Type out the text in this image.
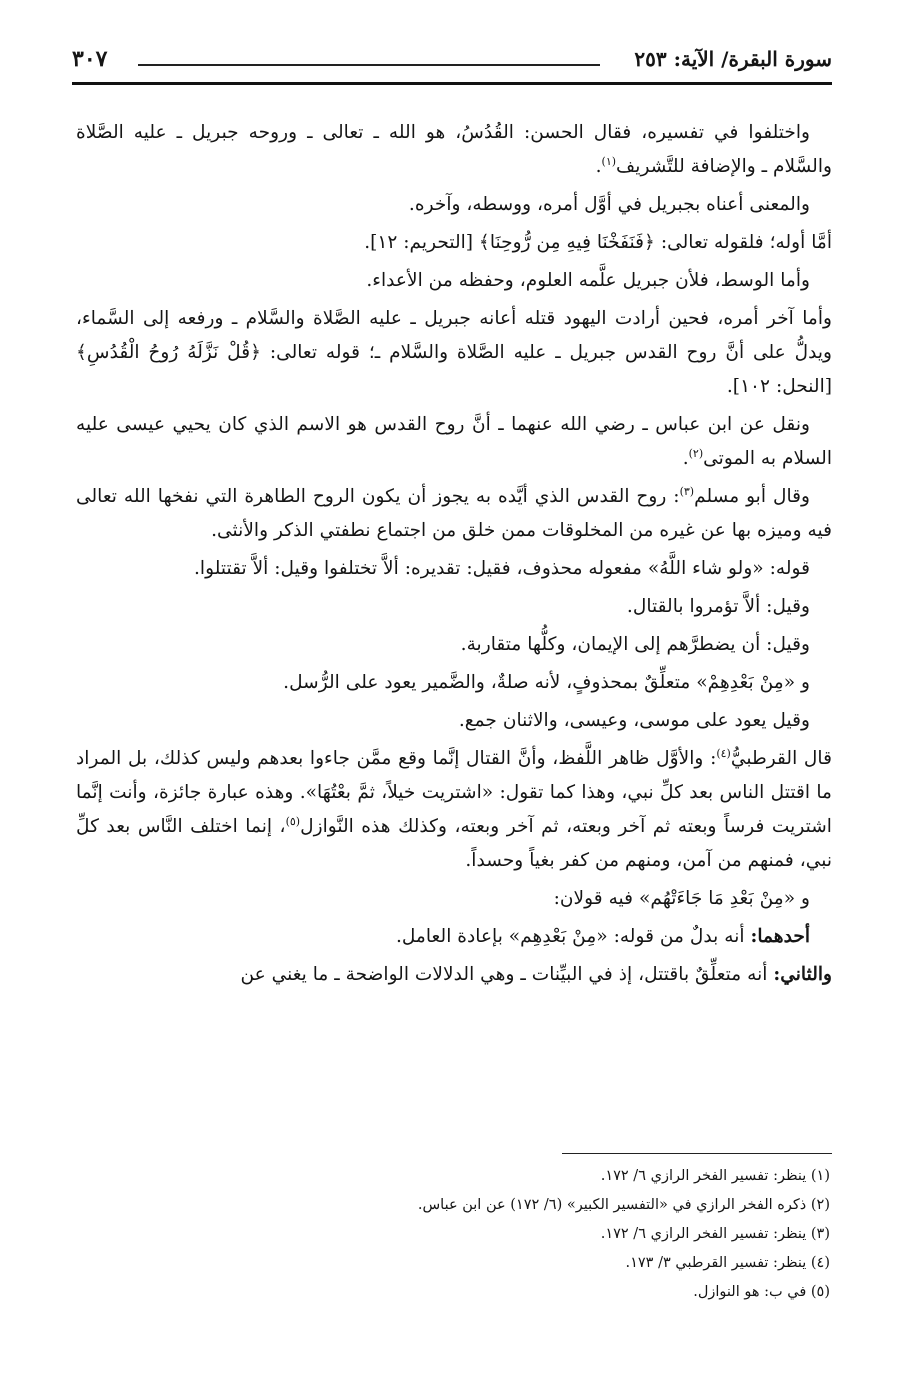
سورة البقرة/ الآية: ٢٥٣
٣٠٧

واختلفوا في تفسيره، فقال الحسن: القُدُسُ، هو الله ـ تعالى ـ وروحه جبريل ـ عليه الصَّلاة والسَّلام ـ والإضافة للتَّشريف$^{(١)}$.

والمعنى أعناه بجبريل في أوَّل أمره، ووسطه، وآخره.

أمَّا أوله؛ فلقوله تعالى: ﴿فَنَفَخْنَا فِيهِ مِن رُّوحِنَا﴾ [التحريم: ١٢].

وأما الوسط، فلأن جبريل علَّمه العلوم، وحفظه من الأعداء.

وأما آخر أمره، فحين أرادت اليهود قتله أعانه جبريل ـ عليه الصَّلاة والسَّلام ـ ورفعه إلى السَّماء، ويدلُّ على أنَّ روح القدس جبريل ـ عليه الصَّلاة والسَّلام ـ؛ قوله تعالى: ﴿قُلْ نَزَّلَهُ رُوحُ الْقُدُسِ﴾ [النحل: ١٠٢].

ونقل عن ابن عباس ـ رضي الله عنهما ـ أنَّ روح القدس هو الاسم الذي كان يحيي عيسى عليه السلام به الموتى$^{(٢)}$.

وقال أبو مسلم$^{(٣)}$: روح القدس الذي أيَّده به يجوز أن يكون الروح الطاهرة التي نفخها الله تعالى فيه وميزه بها عن غيره من المخلوقات ممن خلق من اجتماع نطفتي الذكر والأنثى.

قوله: «ولو شاء اللَّهُ» مفعوله محذوف، فقيل: تقديره: ألاَّ تختلفوا وقيل: ألاَّ تقتتلوا.

وقيل: ألاَّ تؤمروا بالقتال.

وقيل: أن يضطرَّهم إلى الإيمان، وكلُّها متقاربة.

و «مِنْ بَعْدِهِمْ» متعلِّقٌ بمحذوفٍ، لأنه صلةٌ، والضَّمير يعود على الرُّسل.

وقيل يعود على موسى، وعيسى، والاثنان جمع.

قال القرطبيُّ$^{(٤)}$: والأوَّل ظاهر اللَّفظ، وأنَّ القتال إنَّما وقع ممَّن جاءوا بعدهم وليس كذلك، بل المراد ما اقتتل الناس بعد كلِّ نبي، وهذا كما تقول: «اشتريت خيلاً، ثمَّ بعْتُهَا». وهذه عبارة جائزة، وأنت إنَّما اشتريت فرساً وبعته ثم آخر وبعته، ثم آخر وبعته، وكذلك هذه النَّوازل$^{(٥)}$، إنما اختلف النَّاس بعد كلِّ نبي، فمنهم من آمن، ومنهم من كفر بغياً وحسداً.

و «مِنْ بَعْدِ مَا جَاءَتْهُم» فيه قولان:

أحدهما: أنه بدلٌ من قوله: «مِنْ بَعْدِهِم» بإعادة العامل.

والثاني: أنه متعلِّقٌ باقتتل، إذ في البيِّنات ـ وهي الدلالات الواضحة ـ ما يغني عن

(١) ينظر: تفسير الفخر الرازي ٦/ ١٧٢.

(٢) ذكره الفخر الرازي في «التفسير الكبير» (٦/ ١٧٢) عن ابن عباس.

(٣) ينظر: تفسير الفخر الرازي ٦/ ١٧٢.

(٤) ينظر: تفسير القرطبي ٣/ ١٧٣.

(٥) في ب: هو النوازل.
